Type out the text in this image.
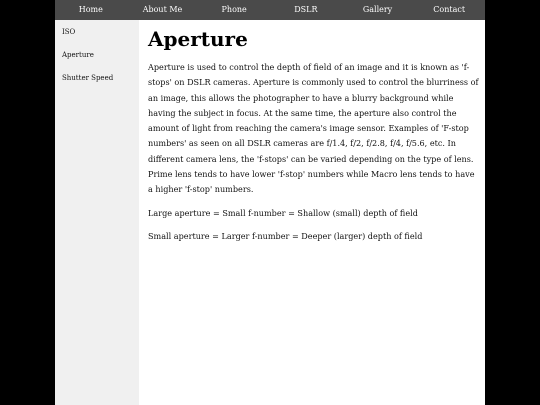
Home	About Me	Phone	DSLR	Gallery	Contact
ISO
Aperture
Shutter Speed
Aperture

Aperture is used to control the depth of field of an image and it is known as 'f-stops' on DSLR cameras. Aperture is commonly used to control the blurriness of an image, this allows the photographer to have a blurry background while having the subject in focus. At the same time, the aperture also control the amount of light from reaching the camera's image sensor. Examples of 'F-stop numbers' as seen on all DSLR cameras are f/1.4, f/2, f/2.8, f/4, f/5.6, etc. In different camera lens, the 'f-stops' can be varied depending on the type of lens. Prime lens tends to have lower 'f-stop' numbers while Macro lens tends to have a higher 'f-stop' numbers.

Large aperture = Small f-number = Shallow (small) depth of field

Small aperture = Larger f-number = Deeper (larger) depth of field
